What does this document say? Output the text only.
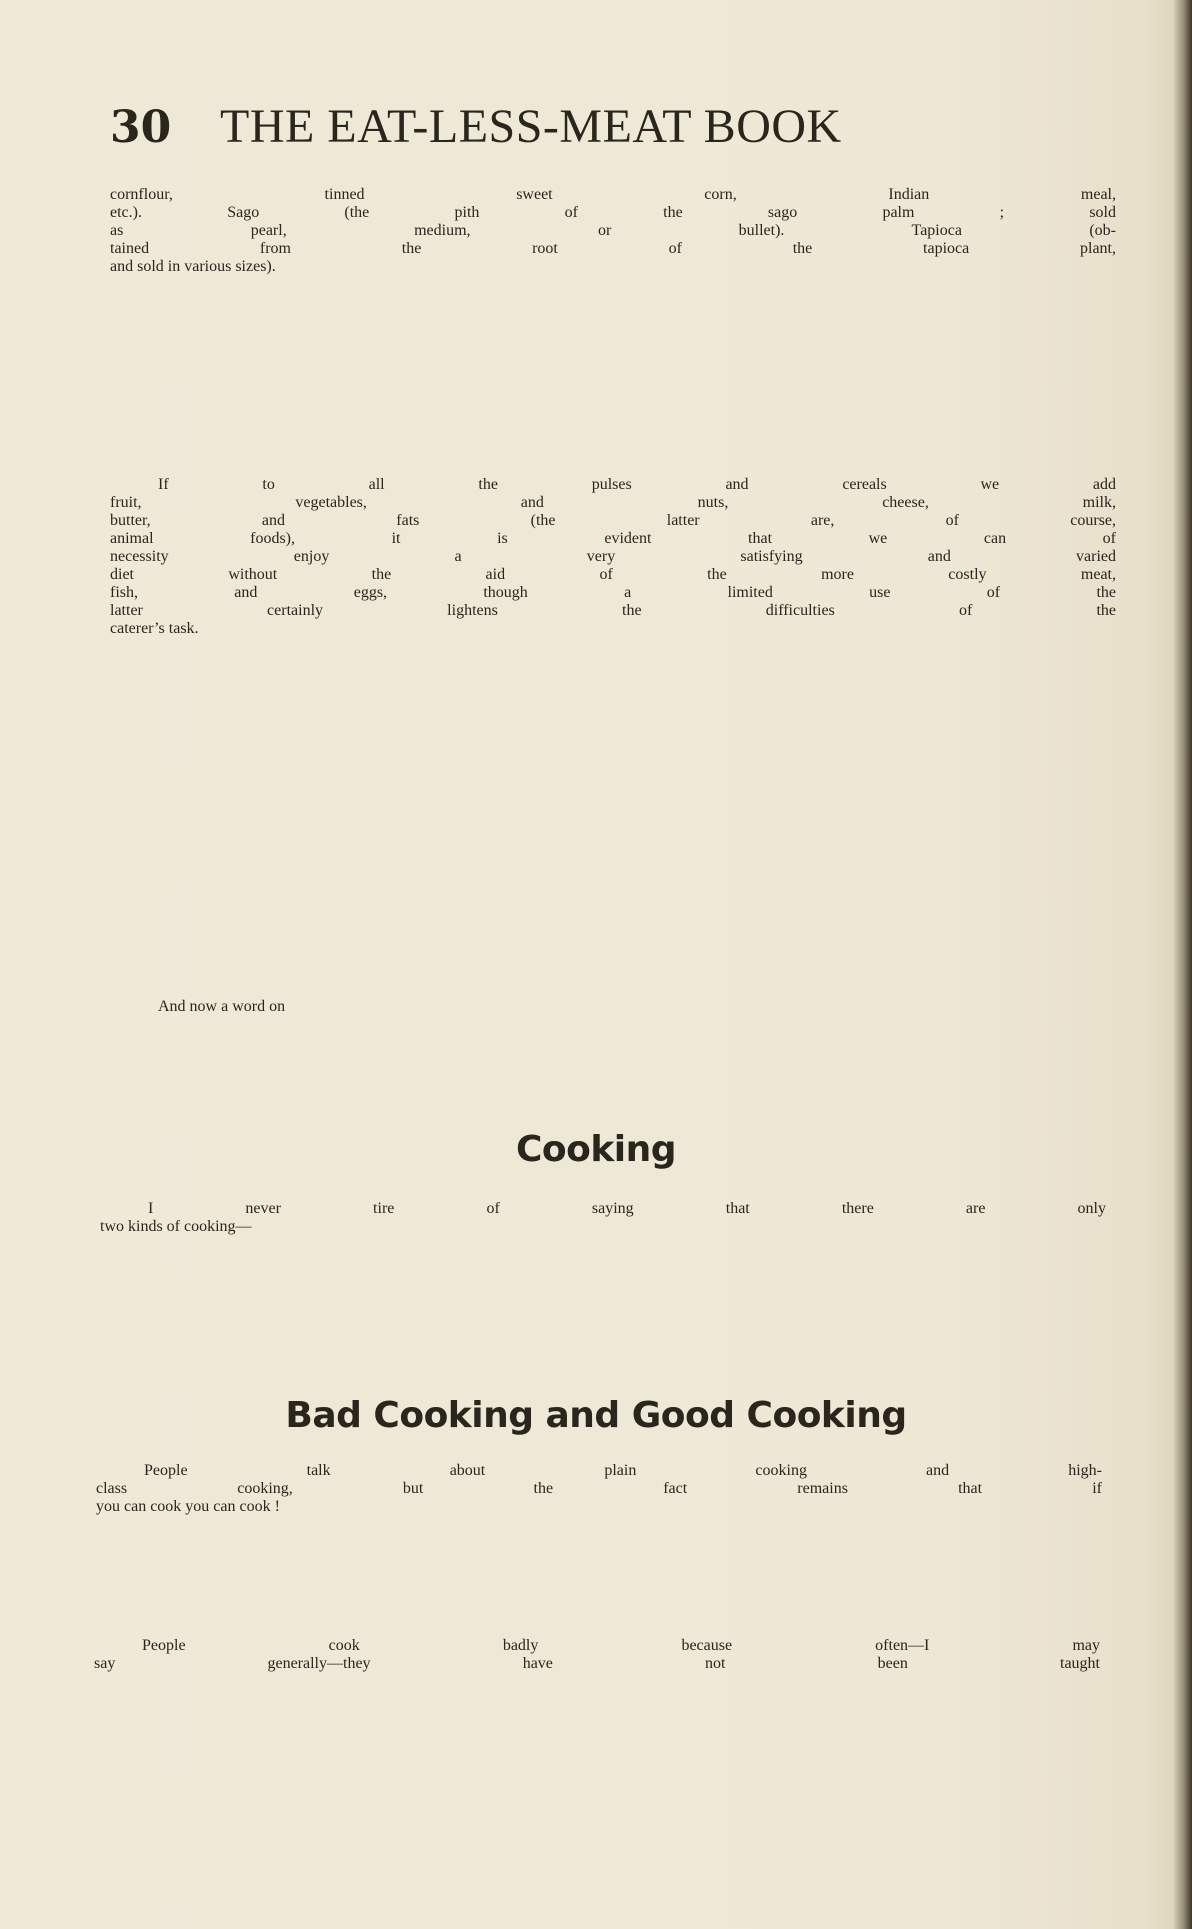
30 THE EAT-LESS-MEAT BOOK
cornflour, tinned sweet corn, Indian meal,
etc.). Sago (the pith of the sago palm ; sold
as pearl, medium, or bullet). Tapioca (ob-
tained from the root of the tapioca plant,
and sold in various sizes).
If to all the pulses and cereals we add
fruit, vegetables, and nuts, cheese, milk,
butter, and fats (the latter are, of course,
animal foods), it is evident that we can of
necessity enjoy a very satisfying and varied
diet without the aid of the more costly meat,
fish, and eggs, though a limited use of the
latter certainly lightens the difficulties of the
caterer’s task.
And now a word on
Cooking
I never tire of saying that there are only
two kinds of cooking—
Bad Cooking and Good Cooking
People talk about plain cooking and high-
class cooking, but the fact remains that if
you can cook you can cook !
People cook badly because often—I may
say generally—they have not been taught
